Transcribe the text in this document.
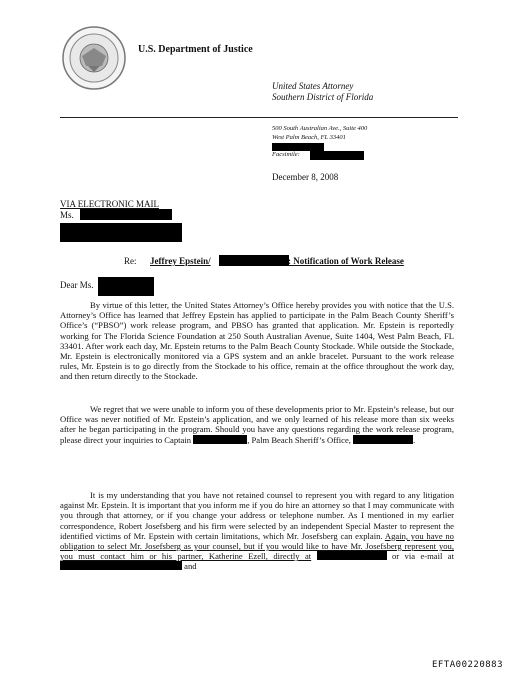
U.S. Department of Justice
United States Attorney
Southern District of Florida
500 South Australian Ave., Suite 400
West Palm Beach, FL 33401
Facsimile:
December 8, 2008
VIA ELECTRONIC MAIL
Ms.
Re: Jeffrey Epstein/	: Notification of Work Release
Dear Ms.
By virtue of this letter, the United States Attorney’s Office hereby provides you with notice that the U.S. Attorney’s Office has learned that Jeffrey Epstein has applied to participate in the Palm Beach County Sheriff’s Office’s (“PBSO”) work release program, and PBSO has granted that application. Mr. Epstein is reportedly working for The Florida Science Foundation at 250 South Australian Avenue, Suite 1404, West Palm Beach, FL 33401. After work each day, Mr. Epstein returns to the Palm Beach County Stockade. While outside the Stockade, Mr. Epstein is electronically monitored via a GPS system and an ankle bracelet. Pursuant to the work release rules, Mr. Epstein is to go directly from the Stockade to his office, remain at the office throughout the work day, and then return directly to the Stockade.
We regret that we were unable to inform you of these developments prior to Mr. Epstein’s release, but our Office was never notified of Mr. Epstein’s application, and we only learned of his release more than six weeks after he began participating in the program. Should you have any questions regarding the work release program, please direct your inquiries to Captain	, Palm Beach Sheriff’s Office,	.
It is my understanding that you have not retained counsel to represent you with regard to any litigation against Mr. Epstein. It is important that you inform me if you do hire an attorney so that I may communicate with you through that attorney, or if you change your address or telephone number. As I mentioned in my earlier correspondence, Robert Josefsberg and his firm were selected by an independent Special Master to represent the identified victims of Mr. Epstein with certain limitations, which Mr. Josefsberg can explain. Again, you have no obligation to select Mr. Josefsberg as your counsel, but if you would like to have Mr. Josefsberg represent you, you must contact him or his partner, Katherine Ezell, directly at	or via e-mail at  and
EFTA00220883
